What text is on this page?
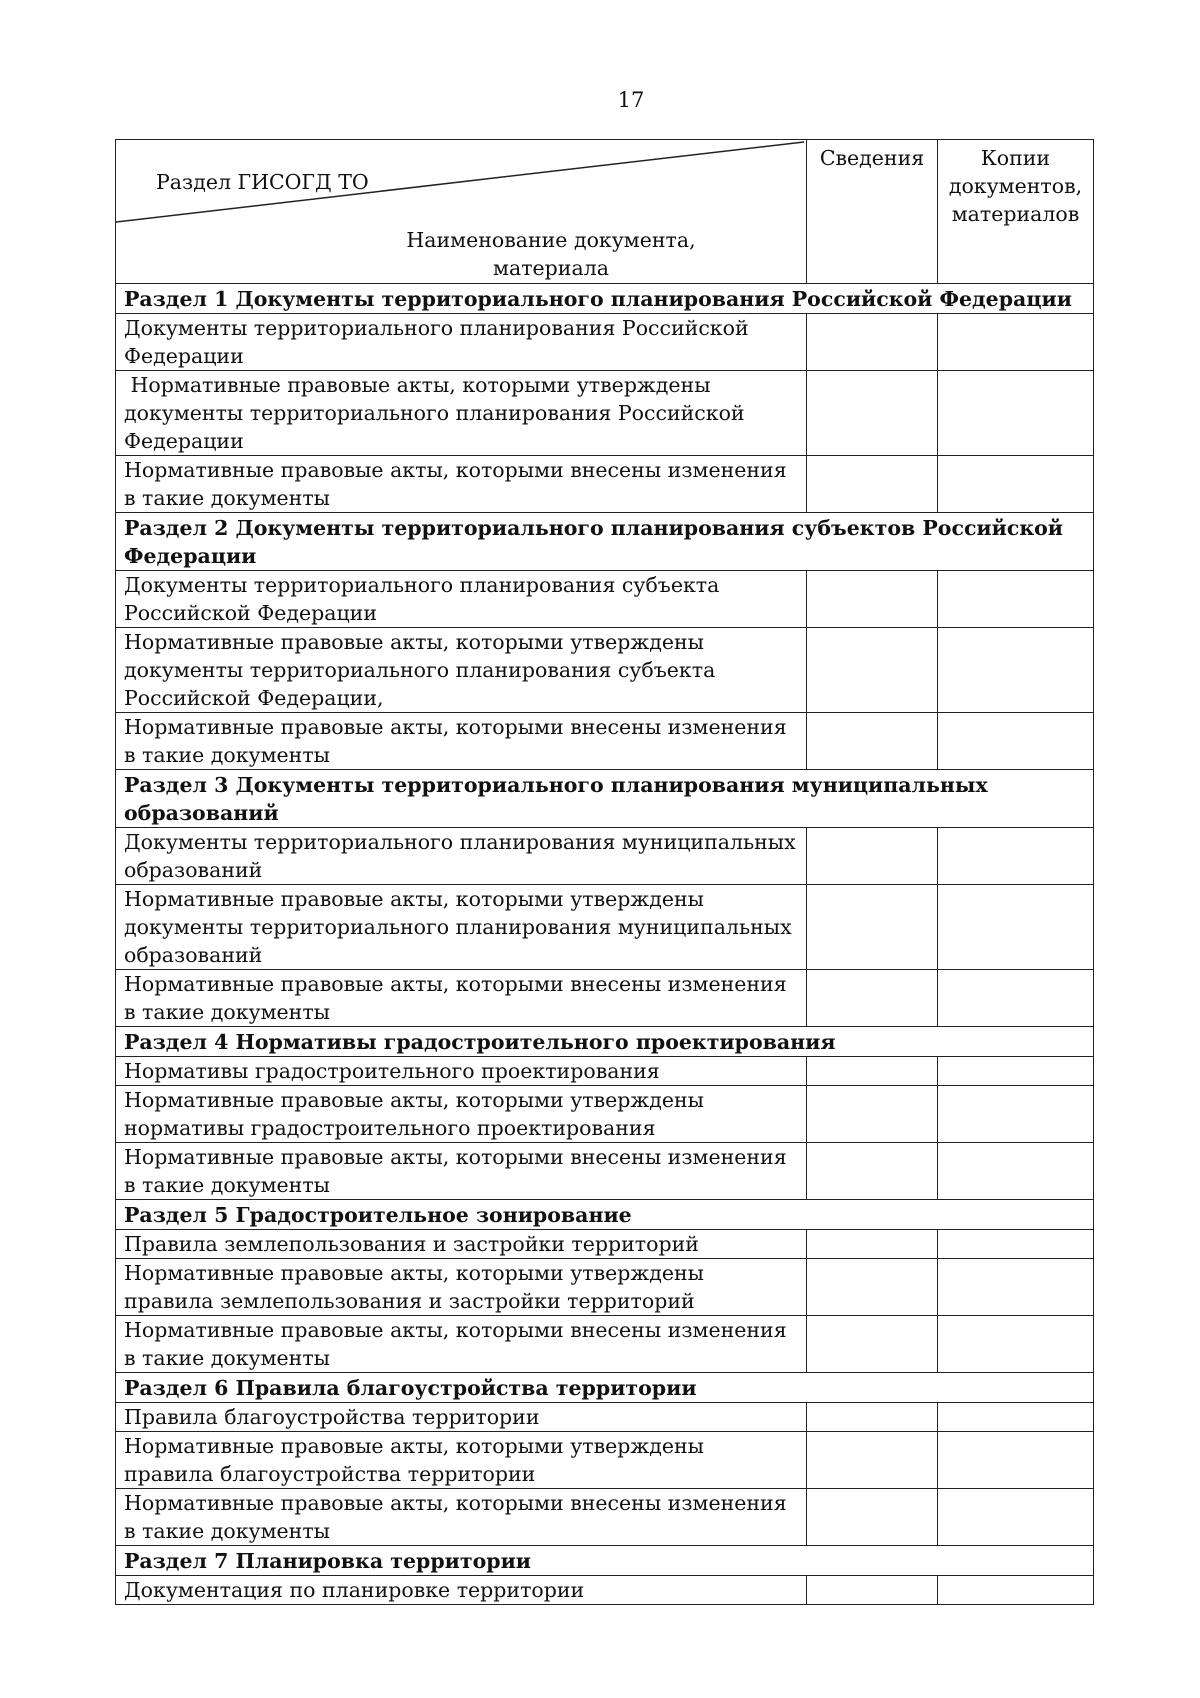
17
Раздел ГИСОГД ТО
Наименование документа, материала	Сведения	Копии документов, материалов
Раздел 1 Документы территориального планирования Российской Федерации		
Документы территориального планирования Российской Федерации		
Нормативные правовые акты, которыми утверждены документы территориального планирования Российской Федерации		
Нормативные правовые акты, которыми внесены изменения в такие документы		
Раздел 2 Документы территориального планирования субъектов Российской Федерации		
Документы территориального планирования субъекта Российской Федерации		
Нормативные правовые акты, которыми утверждены документы территориального планирования субъекта Российской Федерации,		
Нормативные правовые акты, которыми внесены изменения в такие документы		
Раздел 3 Документы территориального планирования муниципальных образований		
Документы территориального планирования муниципальных образований		
Нормативные правовые акты, которыми утверждены документы территориального планирования муниципальных образований		
Нормативные правовые акты, которыми внесены изменения в такие документы		
Раздел 4 Нормативы градостроительного проектирования		
Нормативы градостроительного проектирования		
Нормативные правовые акты, которыми утверждены нормативы градостроительного проектирования		
Нормативные правовые акты, которыми внесены изменения в такие документы		
Раздел 5 Градостроительное зонирование		
Правила землепользования и застройки территорий		
Нормативные правовые акты, которыми утверждены правила землепользования и застройки территорий		
Нормативные правовые акты, которыми внесены изменения в такие документы		
Раздел 6 Правила благоустройства территории		
Правила благоустройства территории		
Нормативные правовые акты, которыми утверждены правила благоустройства территории		
Нормативные правовые акты, которыми внесены изменения в такие документы		
Раздел 7 Планировка территории		
Документация по планировке территории		
